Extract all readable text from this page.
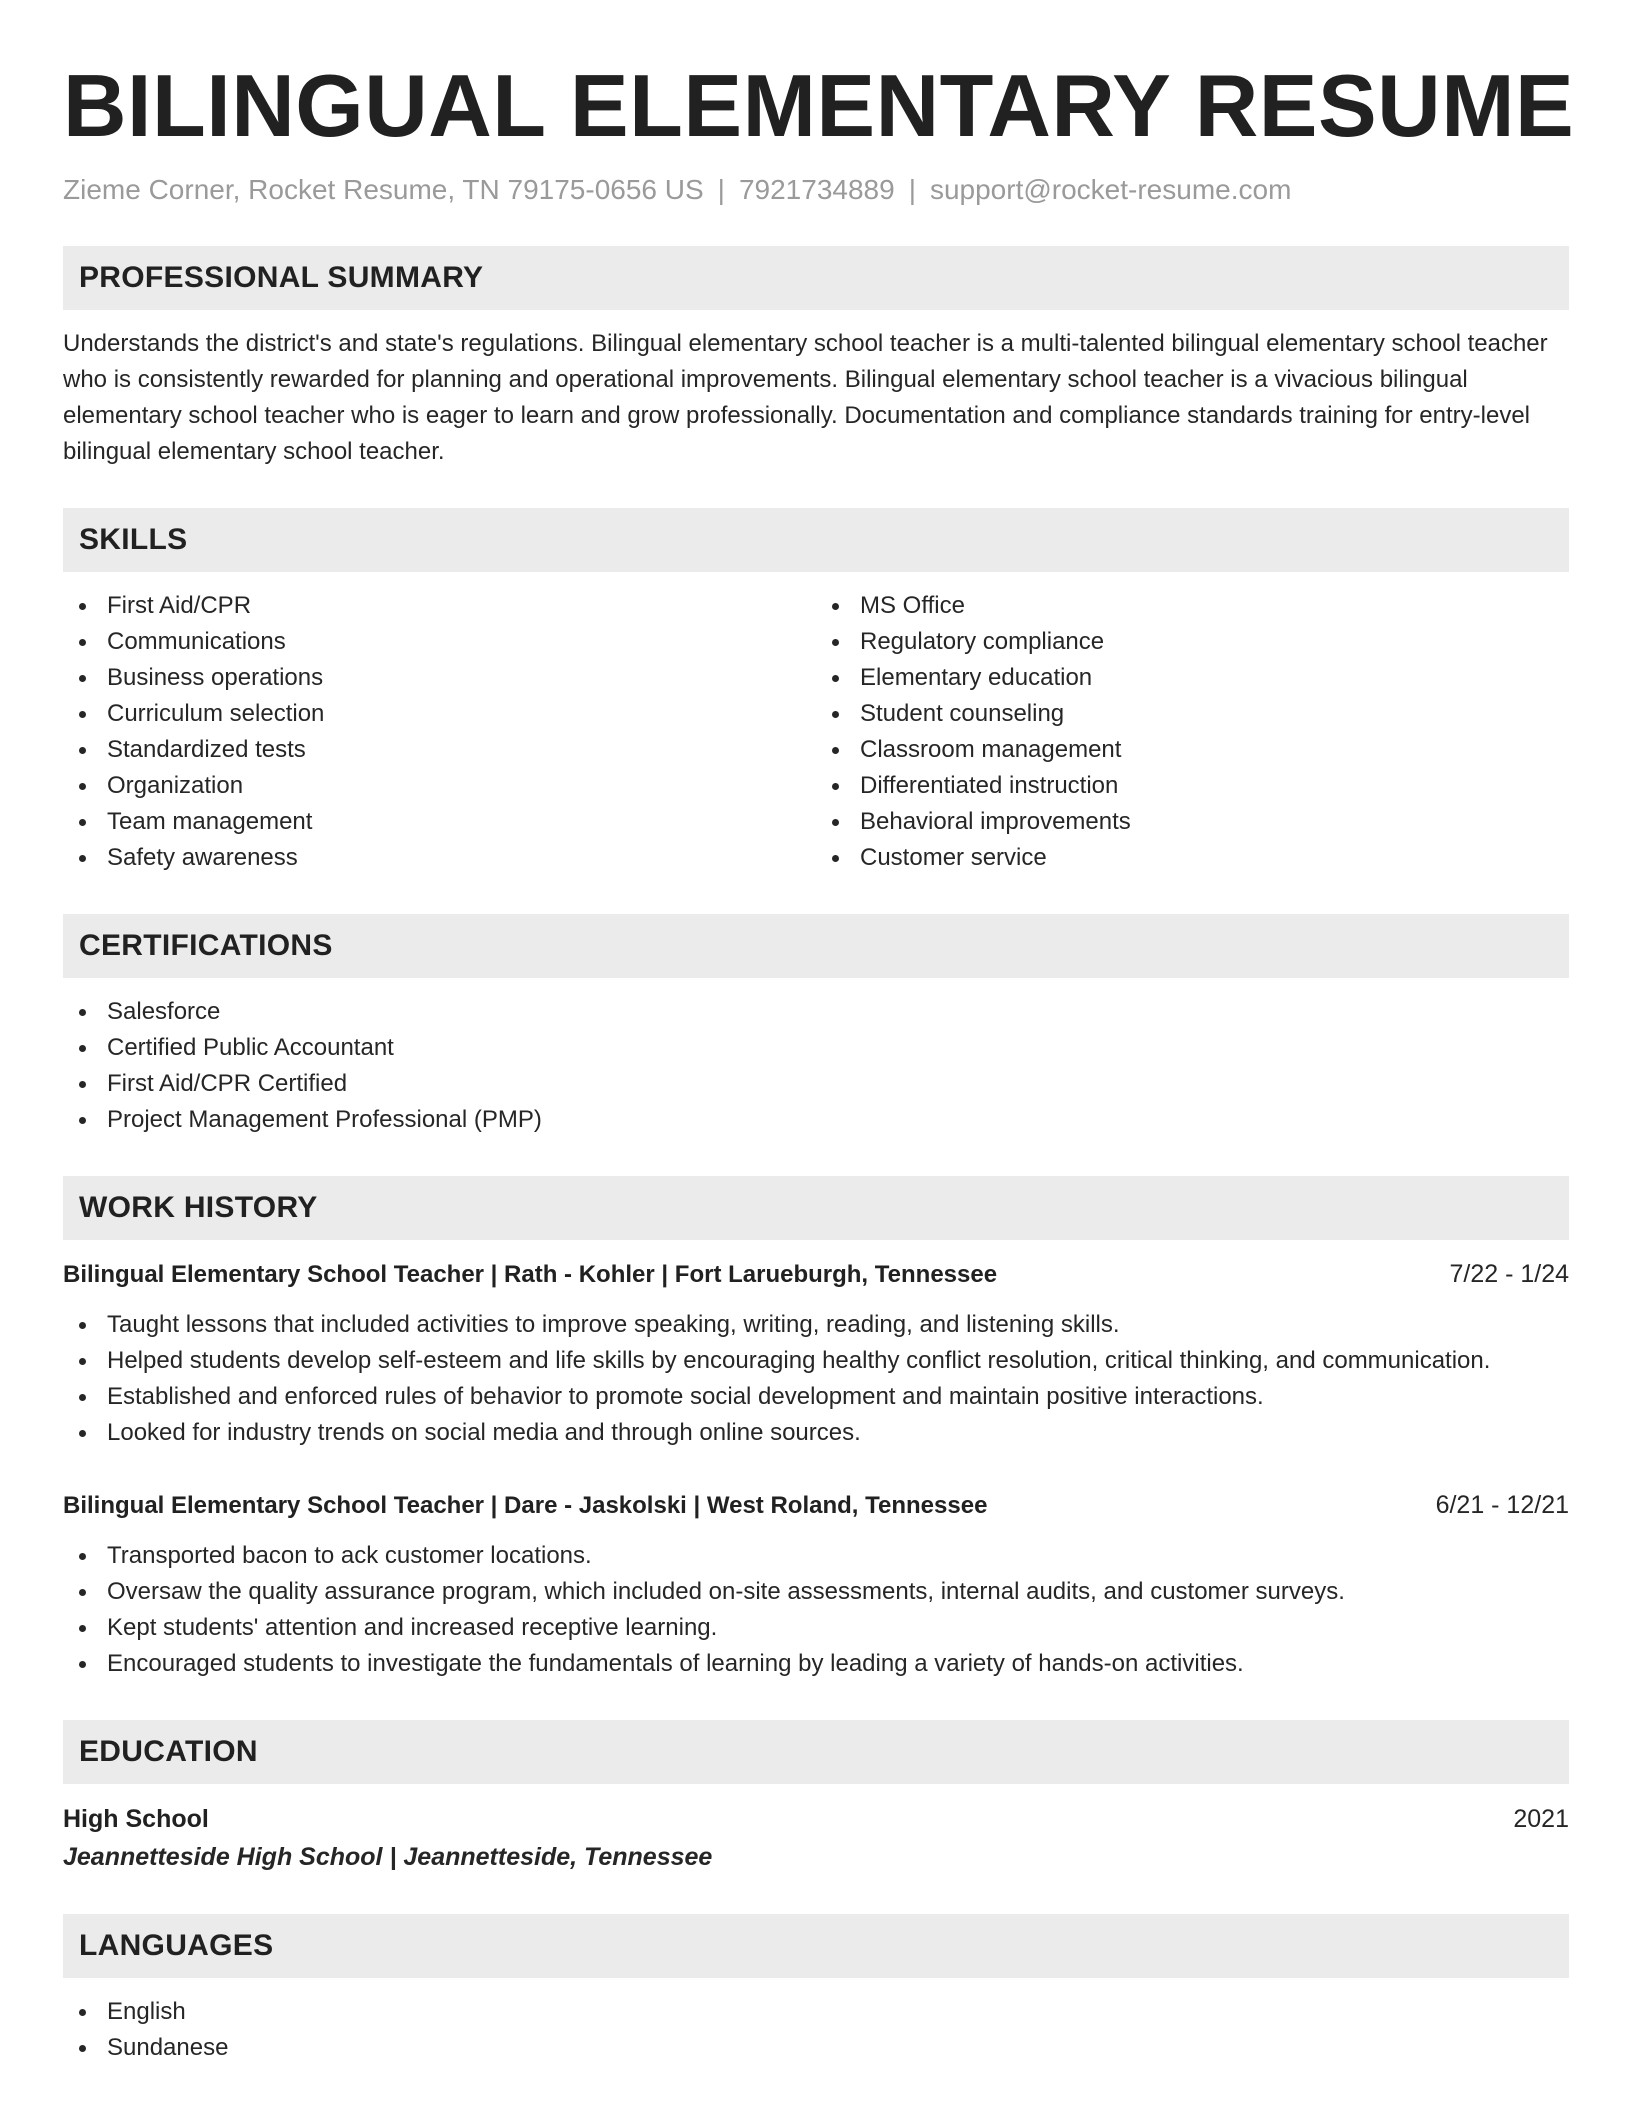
BILINGUAL ELEMENTARY RESUME
Zieme Corner, Rocket Resume, TN 79175-0656 US | 7921734889 | support@rocket-resume.com
PROFESSIONAL SUMMARY

Understands the district's and state's regulations. Bilingual elementary school teacher is a multi-talented bilingual elementary school teacher who is consistently rewarded for planning and operational improvements. Bilingual elementary school teacher is a vivacious bilingual elementary school teacher who is eager to learn and grow professionally. Documentation and compliance standards training for entry-level bilingual elementary school teacher.

SKILLS
First Aid/CPR
Communications
Business operations
Curriculum selection
Standardized tests
Organization
Team management
Safety awareness
MS Office
Regulatory compliance
Elementary education
Student counseling
Classroom management
Differentiated instruction
Behavioral improvements
Customer service
CERTIFICATIONS
Salesforce
Certified Public Accountant
First Aid/CPR Certified
Project Management Professional (PMP)
WORK HISTORY
Bilingual Elementary School Teacher | Rath - Kohler | Fort Larueburgh, Tennessee	7/22 - 1/24
Taught lessons that included activities to improve speaking, writing, reading, and listening skills.
Helped students develop self-esteem and life skills by encouraging healthy conflict resolution, critical thinking, and communication.
Established and enforced rules of behavior to promote social development and maintain positive interactions.
Looked for industry trends on social media and through online sources.
Bilingual Elementary School Teacher | Dare - Jaskolski | West Roland, Tennessee	6/21 - 12/21
Transported bacon to ack customer locations.
Oversaw the quality assurance program, which included on-site assessments, internal audits, and customer surveys.
Kept students' attention and increased receptive learning.
Encouraged students to investigate the fundamentals of learning by leading a variety of hands-on activities.
EDUCATION
High School	2021
Jeannetteside High School | Jeannetteside, Tennessee
LANGUAGES
English
Sundanese
